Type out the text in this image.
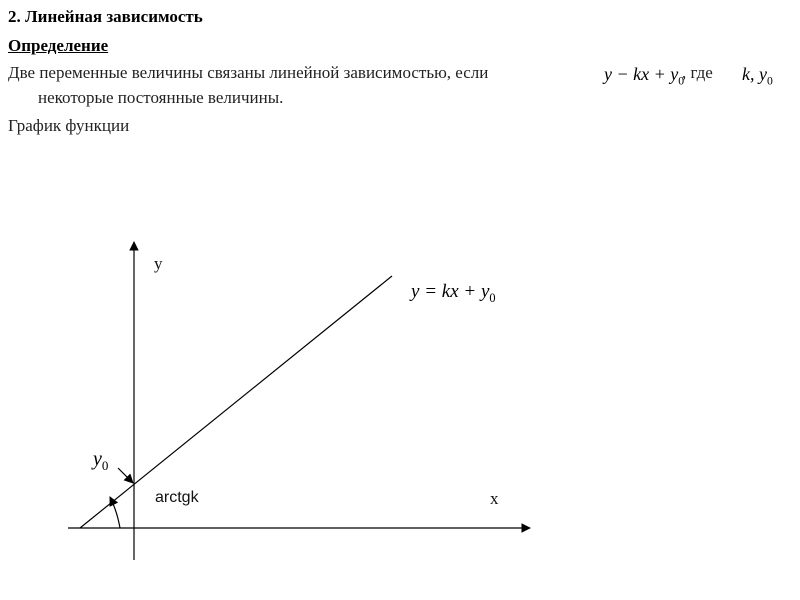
2. Линейная зависимость
Определение
Две переменные величины связаны линейной зависимостью, если	y − kx + $y_0$
, где k, $y_0$
некоторые постоянные величины.
График функции
y
x
arctgk
y = kx + $y_0$
$y_0$
